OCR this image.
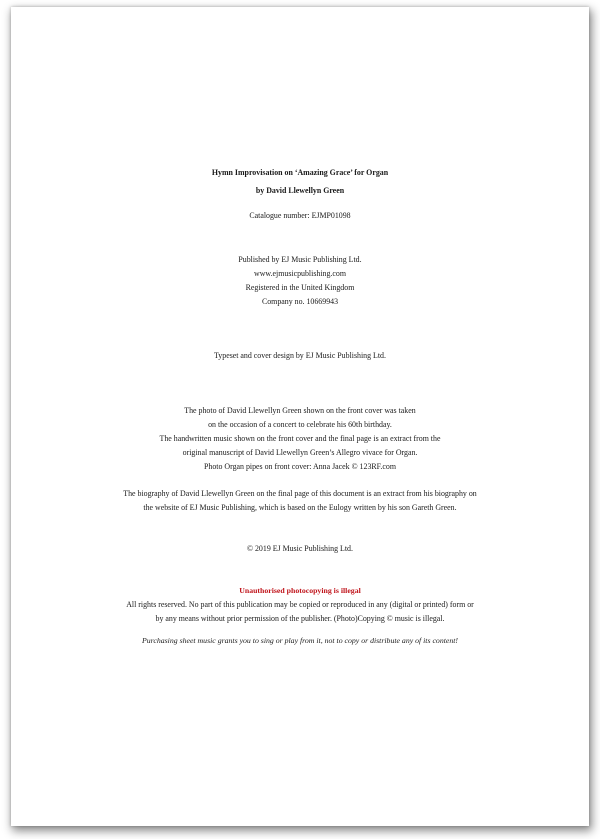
Hymn Improvisation on ‘Amazing Grace’ for Organ
by David Llewellyn Green
Catalogue number: EJMP01098
Published by EJ Music Publishing Ltd.
www.ejmusicpublishing.com
Registered in the United Kingdom
Company no. 10669943
Typeset and cover design by EJ Music Publishing Ltd.
The photo of David Llewellyn Green shown on the front cover was taken
on the occasion of a concert to celebrate his 60th birthday.
The handwritten music shown on the front cover and the final page is an extract from the
original manuscript of David Llewellyn Green’s Allegro vivace for Organ.
Photo Organ pipes on front cover: Anna Jacek © 123RF.com
The biography of David Llewellyn Green on the final page of this document is an extract from his biography on
the website of EJ Music Publishing, which is based on the Eulogy written by his son Gareth Green.
© 2019 EJ Music Publishing Ltd.
Unauthorised photocopying is illegal
All rights reserved. No part of this publication may be copied or reproduced in any (digital or printed) form or
by any means without prior permission of the publisher. (Photo)Copying © music is illegal.
Purchasing sheet music grants you to sing or play from it, not to copy or distribute any of its content!
